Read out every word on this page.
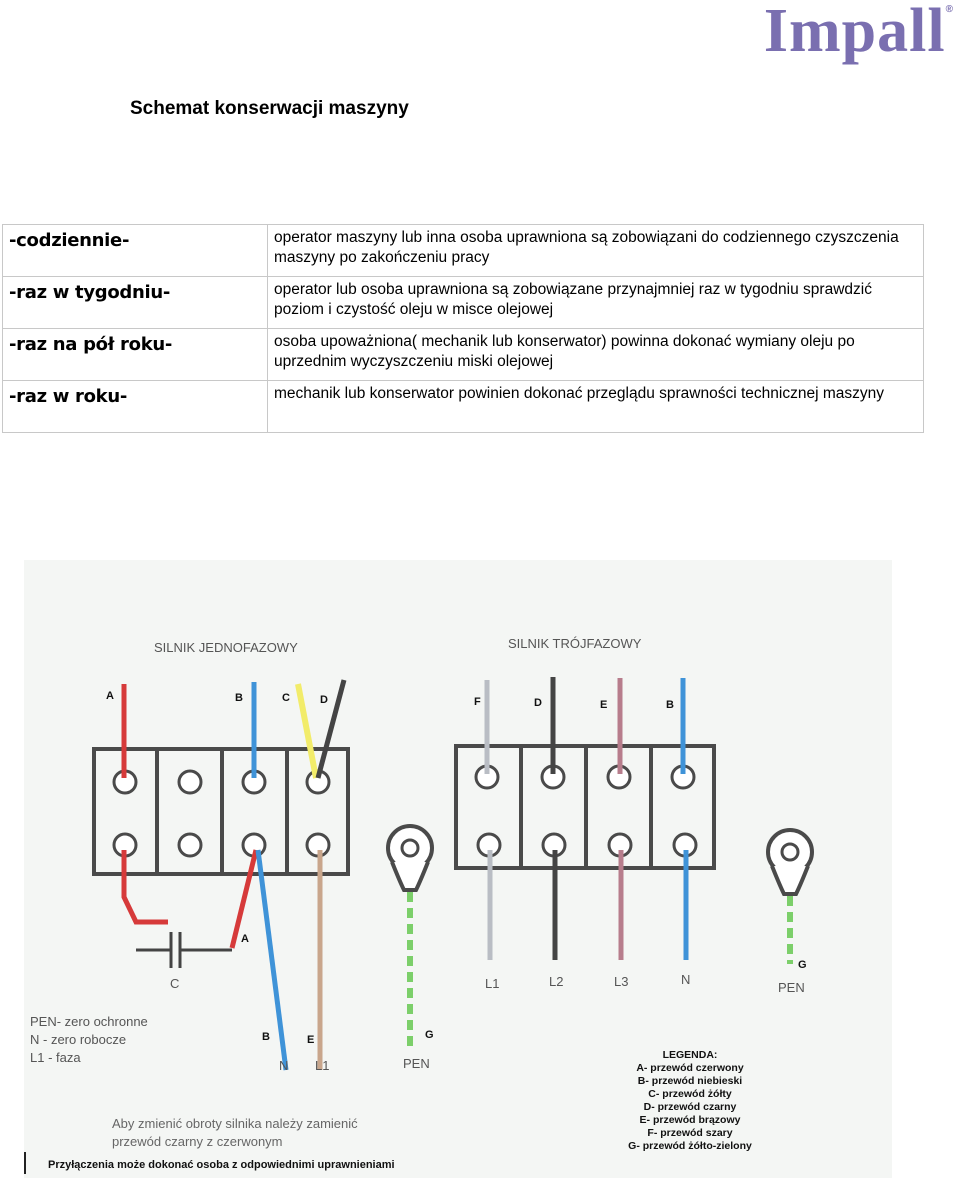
Impall®
Schemat konserwacji maszyny
-codziennie-	operator maszyny lub inna osoba uprawniona są zobowiązani do codziennego czyszczenia maszyny po zakończeniu pracy
-raz w tygodniu-	operator lub osoba uprawniona są zobowiązane przynajmniej raz w tygodniu sprawdzić poziom i czystość oleju w misce olejowej
-raz na pół roku-	osoba upoważniona( mechanik lub konserwator) powinna dokonać wymiany oleju po uprzednim wyczyszczeniu miski olejowej
-raz w roku-	mechanik lub konserwator powinien dokonać przeglądu sprawności technicznej maszyny
SILNIK JEDNOFAZOWY	SILNIK TRÓJFAZOWY
A	B	C	D	F	D	E	B
A
B	E	G
C
N L1	PEN
L1	L2	L3	N
PEN
G
PEN- zero ochronne
N - zero robocze
L1 - faza
Aby zmienić obroty silnika należy zamienić
przewód czarny z czerwonym
LEGENDA:
A- przewód czerwony
B- przewód niebieski
C- przewód żółty
D- przewód czarny
E- przewód brązowy
F- przewód szary
G- przewód żółto-zielony
Przyłączenia może dokonać osoba z odpowiednimi uprawnieniami
